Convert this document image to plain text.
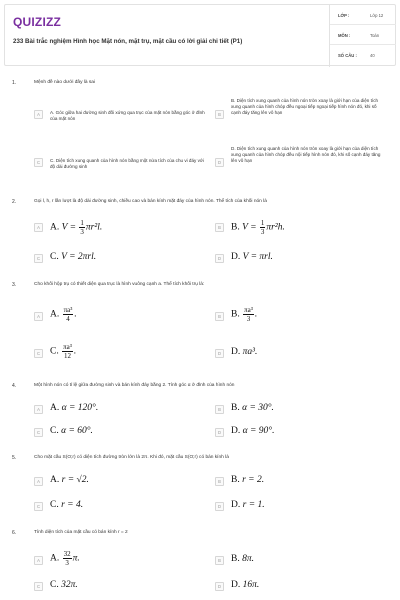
QUIZIZZ
233 Bài trắc nghiệm Hình học Mặt nón, mặt trụ, mặt cầu có lời giải chi tiết (P1)
LỚP :	Lớp 12
MÔN :	Toán
SỐ CÂU :	40
1.	Mệnh đề nào dưới đây là sai
A	A. Góc giữa hai đường sinh đối xứng qua trục của mặt nón bằng góc ở đỉnh của mặt nón
B
B. Diện tích xung quanh của hình nón tròn xoay là giới hạn của diện tích xung quanh của hình chóp đều ngoại tiếp ngoại tiếp hình nón đó, khi số cạnh đáy tăng lên vô hạn
C	C. Diện tích xung quanh của hình nón bằng một nửa tích của chu vi đáy với độ dài đường sinh
D
D. Diện tích xung quanh của hình nón tròn xoay là giới hạn của diện tích xung quanh của hình chóp đều nội tiếp hình nón đó, khi số cạnh đáy tăng lên vô hạn
2.	Gọi l, h, r lần lượt là độ dài đường sinh, chiều cao và bán kính mặt đáy của hình nón. Thể tích của khối nón là
A	A. $V = \frac{1}{3} \pi r^2l$.	B	B. $V = \frac{1}{3} \pi r^2h$.
C	C. V = 2πrl.	D	D. V = πrl.
3.	Cho khối hộp trụ có thiết diện qua trục là hình vuông cạnh a. Thể tích khối trụ là:
A	A. $\frac{\text{πa³}}{4}$ .	B	B. $\frac{\text{πa³}}{3}$ .
C	C. $\frac{\text{πa³}}{12}$ .	D	D. πa³.
4.	Một hình nón có tỉ lệ giữa đường sinh và bán kính đáy bằng 2. Tính góc α ở đỉnh của hình nón
A	A. α = 120°.	B	B. α = 30°.
C	C. α = 60°.	D	D. α = 90°.
5.	Cho mặt cầu S(O;r) có diện tích đường tròn lớn là 2π. Khi đó, mặt cầu S(O;r) có bán kính là
A	A. r = √2.	B	B. r = 2.
C	C. r = 4.	D	D. r = 1.
6.	Tính diện tích của mặt cầu có bán kính r = 2
A	A. $\frac{32}{3} \pi$.	B	B. 8π.
C	C. 32π.	D	D. 16π.
